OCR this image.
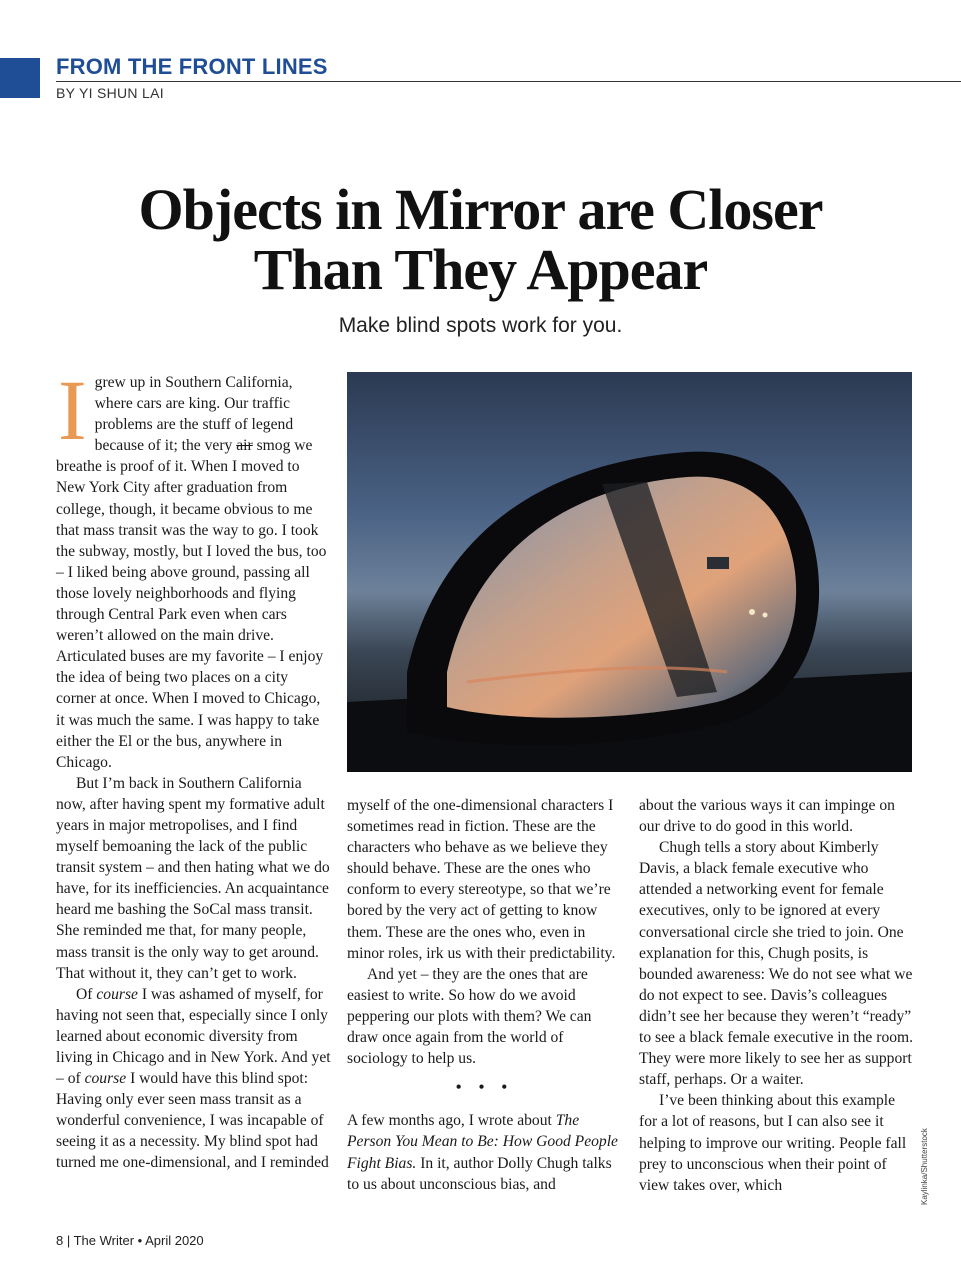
FROM THE FRONT LINES
BY YI SHUN LAI
Objects in Mirror are Closer
Than They Appear
Make blind spots work for you.

Igrew up in Southern California, where cars are king. Our traffic problems are the stuff of legend because of it; the very air smog we breathe is proof of it. When I moved to New York City after graduation from college, though, it became obvious to me that mass transit was the way to go. I took the subway, mostly, but I loved the bus, too – I liked being above ground, passing all those lovely neighborhoods and flying through Central Park even when cars weren’t allowed on the main drive. Articulated buses are my favorite – I enjoy the idea of being two places on a city corner at once. When I moved to Chicago, it was much the same. I was happy to take either the El or the bus, anywhere in Chicago.

But I’m back in Southern California now, after having spent my formative adult years in major metropolises, and I find myself bemoaning the lack of the public transit system – and then hating what we do have, for its inefficiencies. An acquaintance heard me bashing the SoCal mass transit. She reminded me that, for many people, mass transit is the only way to get around. That without it, they can’t get to work.

Of course I was ashamed of myself, for having not seen that, especially since I only learned about economic diversity from living in Chicago and in New York. And yet – of course I would have this blind spot: Having only ever seen mass transit as a wonderful convenience, I was incapable of seeing it as a necessity. My blind spot had turned me one-dimensional, and I reminded

myself of the one-dimensional characters I sometimes read in fiction. These are the characters who behave as we believe they should behave. These are the ones who conform to every stereotype, so that we’re bored by the very act of getting to know them. These are the ones who, even in minor roles, irk us with their predictability.

And yet – they are the ones that are easiest to write. So how do we avoid peppering our plots with them? We can draw once again from the world of sociology to help us.

• • •

A few months ago, I wrote about The Person You Mean to Be: How Good People Fight Bias. In it, author Dolly Chugh talks to us about unconscious bias, and

about the various ways it can impinge on our drive to do good in this world.

Chugh tells a story about Kimberly Davis, a black female executive who attended a networking event for female executives, only to be ignored at every conversational circle she tried to join. One explanation for this, Chugh posits, is bounded awareness: We do not see what we do not expect to see. Davis’s colleagues didn’t see her because they weren’t “ready” to see a black female executive in the room. They were more likely to see her as support staff, perhaps. Or a waiter.

I’ve been thinking about this example for a lot of reasons, but I can also see it helping to improve our writing. People fall prey to unconscious when their point of view takes over, which	Kaylinka/Shutterstock
8 | The Writer • April 2020
